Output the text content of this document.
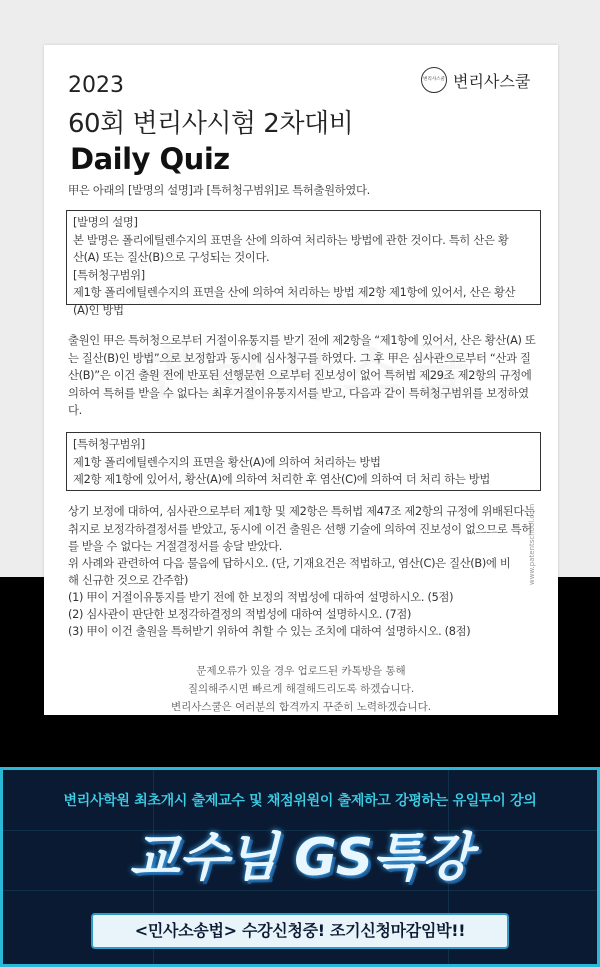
2023
60회 변리사시험 2차대비
Daily Quiz
변리사스쿨 변리사스쿨
甲은 아래의 [발명의 설명]과 [특허청구범위]로 특허출원하였다.
[발명의 설명]
본 발명은 폴리에틸렌수지의 표면을 산에 의하여 처리하는 방법에 관한 것이다. 특히 산은 황
산(A) 또는 질산(B)으로 구성되는 것이다.
[특허청구범위]
제1항 폴리에틸렌수지의 표면을 산에 의하여 처리하는 방법 제2항 제1항에 있어서, 산은 황산
(A)인 방법
출원인 甲은 특허청으로부터 거절이유통지를 받기 전에 제2항을 “제1항에 있어서, 산은 황산(A) 또는 질산(B)인 방법”으로 보정함과 동시에 심사청구를 하였다. 그 후 甲은 심사관으로부터 “산과 질산(B)”은 이건 출원 전에 반포된 선행문헌 으로부터 진보성이 없어 특허법 제29조 제2항의 규정에 의하여 특허를 받을 수 없다는 최후거절이유통지서를 받고, 다음과 같이 특허청구범위를 보정하였다.
[특허청구범위]
제1항 폴리에틸렌수지의 표면을 황산(A)에 의하여 처리하는 방법
제2항 제1항에 있어서, 황산(A)에 의하여 처리한 후 염산(C)에 의하여 더 처리 하는 방법
상기 보정에 대하여, 심사관으로부터 제1항 및 제2항은 특허법 제47조 제2항의 규정에 위배된다는 취지로 보정각하결정서를 받았고, 동시에 이건 출원은 선행 기술에 의하여 진보성이 없으므로 특허를 받을 수 없다는 거절결정서를 송달 받았다.
위 사례와 관련하여 다음 물음에 답하시오. (단, 기재요건은 적법하고, 염산(C)은 질산(B)에 비
해 신규한 것으로 간주함)
(1) 甲이 거절이유통지를 받기 전에 한 보정의 적법성에 대하여 설명하시오. (5점)
(2) 심사관이 판단한 보정각하결정의 적법성에 대하여 설명하시오. (7점)
(3) 甲이 이건 출원을 특허받기 위하여 취할 수 있는 조치에 대하여 설명하시오. (8점)
www.patentschool.com
문제오류가 있을 경우 업로드된 카톡방을 통해
질의해주시면 빠르게 해결해드리도록 하겠습니다.
변리사스쿨은 여러분의 합격까지 꾸준히 노력하겠습니다.
변리사학원 최초개시 출제교수 및 채점위원이 출제하고 강평하는 유일무이 강의
교수님 GS특강
<민사소송법> 수강신청중! 조기신청마감임박!!
